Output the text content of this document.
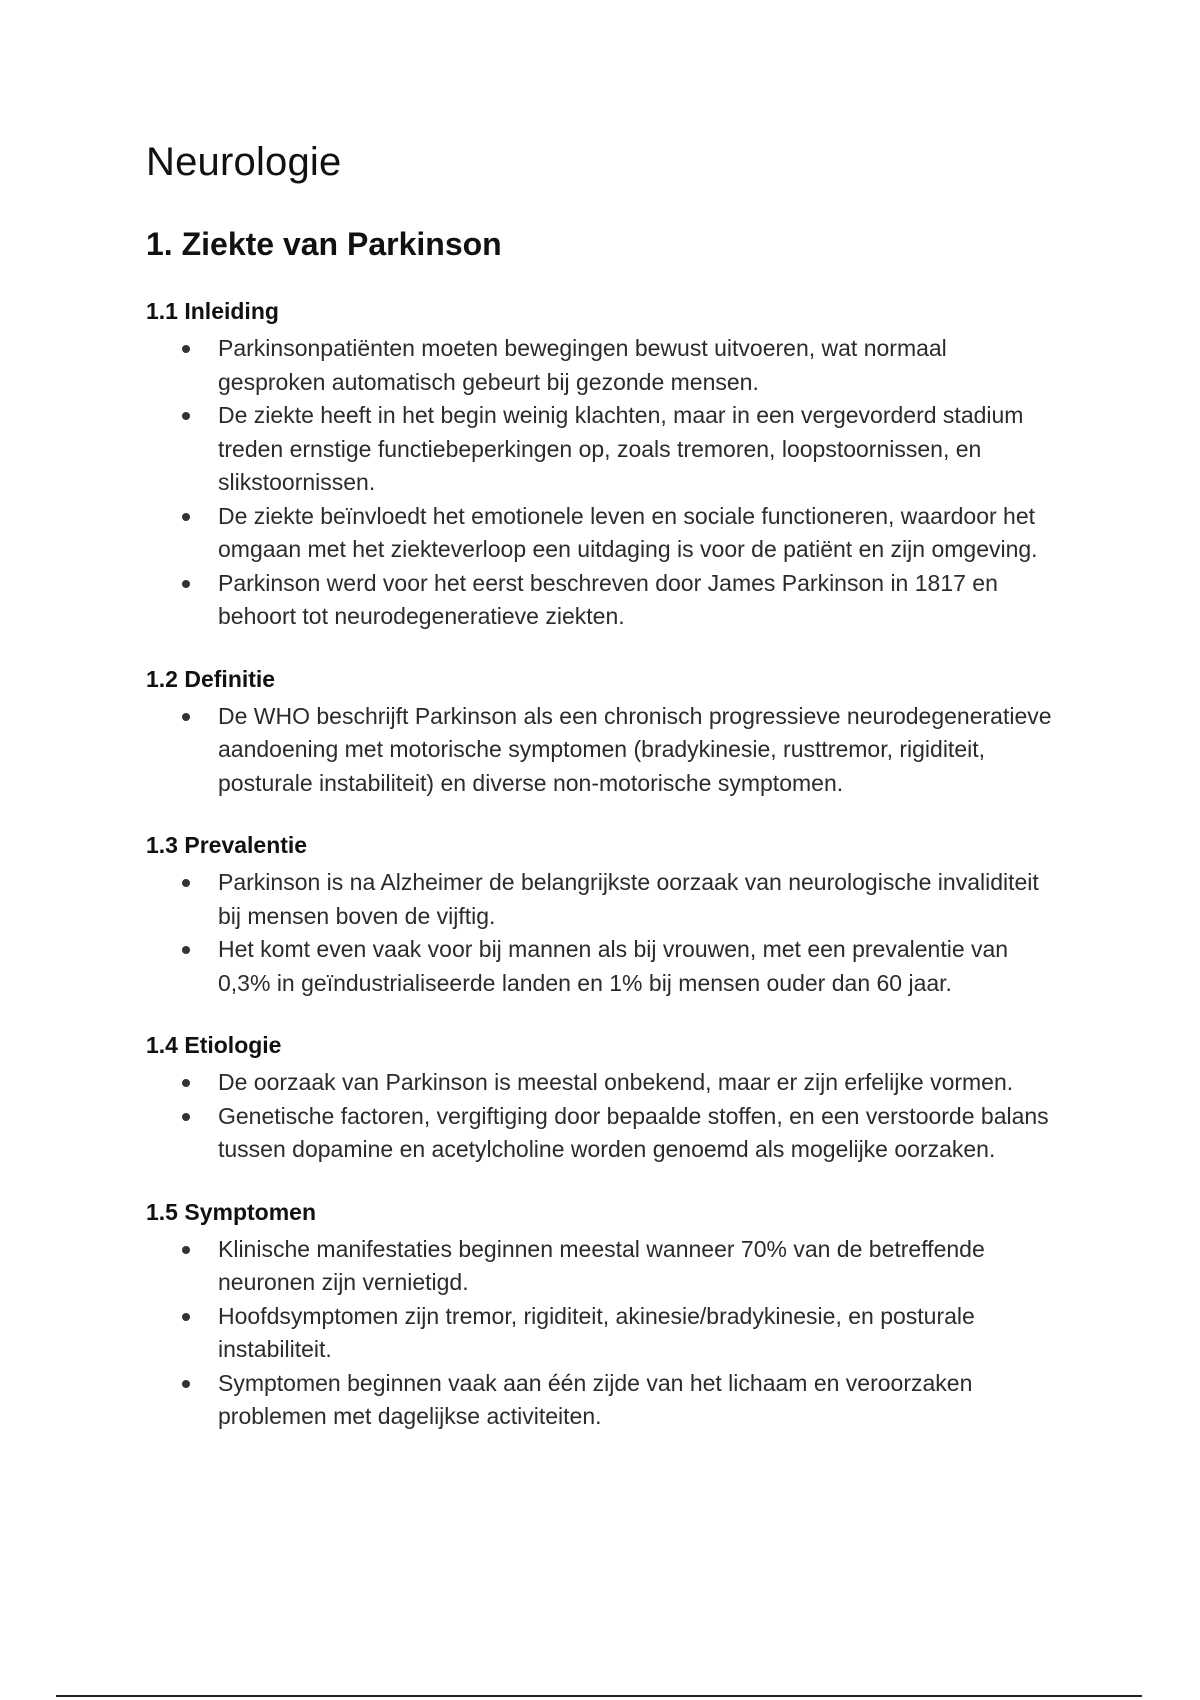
Neurologie
1. Ziekte van Parkinson
1.1 Inleiding
Parkinsonpatiënten moeten bewegingen bewust uitvoeren, wat normaal gesproken automatisch gebeurt bij gezonde mensen.
De ziekte heeft in het begin weinig klachten, maar in een vergevorderd stadium treden ernstige functiebeperkingen op, zoals tremoren, loopstoornissen, en slikstoornissen.
De ziekte beïnvloedt het emotionele leven en sociale functioneren, waardoor het omgaan met het ziekteverloop een uitdaging is voor de patiënt en zijn omgeving.
Parkinson werd voor het eerst beschreven door James Parkinson in 1817 en behoort tot neurodegeneratieve ziekten.
1.2 Definitie
De WHO beschrijft Parkinson als een chronisch progressieve neurodegeneratieve aandoening met motorische symptomen (bradykinesie, rusttremor, rigiditeit, posturale instabiliteit) en diverse non-motorische symptomen.
1.3 Prevalentie
Parkinson is na Alzheimer de belangrijkste oorzaak van neurologische invaliditeit bij mensen boven de vijftig.
Het komt even vaak voor bij mannen als bij vrouwen, met een prevalentie van 0,3% in geïndustrialiseerde landen en 1% bij mensen ouder dan 60 jaar.
1.4 Etiologie
De oorzaak van Parkinson is meestal onbekend, maar er zijn erfelijke vormen.
Genetische factoren, vergiftiging door bepaalde stoffen, en een verstoorde balans tussen dopamine en acetylcholine worden genoemd als mogelijke oorzaken.
1.5 Symptomen
Klinische manifestaties beginnen meestal wanneer 70% van de betreffende neuronen zijn vernietigd.
Hoofdsymptomen zijn tremor, rigiditeit, akinesie/bradykinesie, en posturale instabiliteit.
Symptomen beginnen vaak aan één zijde van het lichaam en veroorzaken problemen met dagelijkse activiteiten.
